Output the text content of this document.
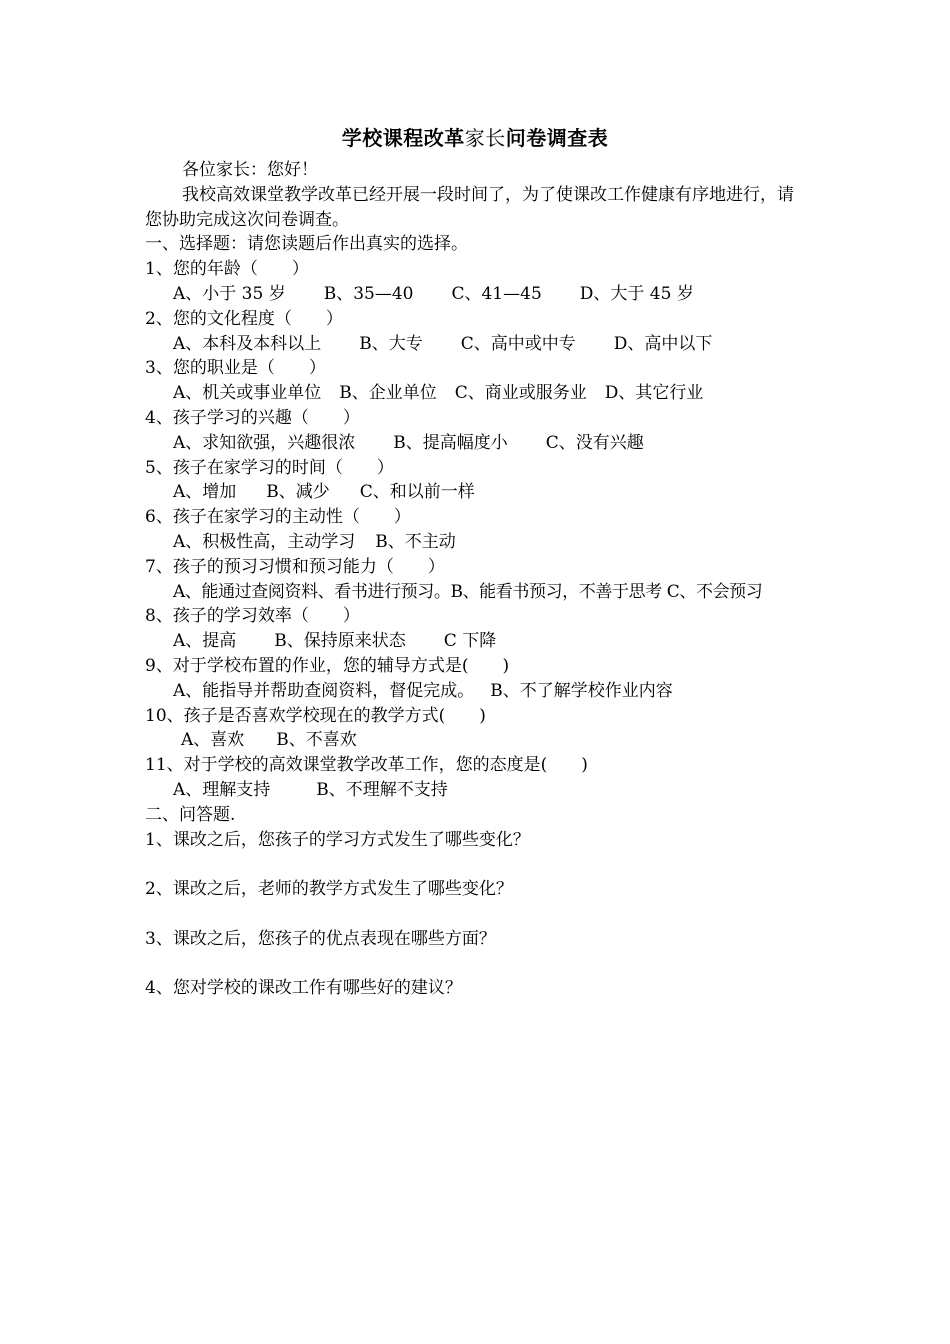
学校课程改革家长问卷调查表
各位家长：您好！
我校高效课堂教学改革已经开展一段时间了，为了使课改工作健康有序地进行，请您协助完成这次问卷调查。
一、选择题：请您读题后作出真实的选择。
1、您的年龄（　　）
A、小于 35 岁 B、35—40 C、41—45 D、大于 45 岁
2、您的文化程度（　　）
A、本科及本科以上 B、大专 C、高中或中专 D、高中以下
3、您的职业是（　　）
A、机关或事业单位 B、企业单位 C、商业或服务业 D、其它行业
4、孩子学习的兴趣（　　）
A、求知欲强，兴趣很浓 B、提高幅度小 C、没有兴趣
5、孩子在家学习的时间（　　）
A、增加 B、减少 C、和以前一样
6、孩子在家学习的主动性（　　）
A、积极性高，主动学习 B、不主动
7、孩子的预习习惯和预习能力（　　）
A、能通过查阅资料、看书进行预习。B、能看书预习，不善于思考 C、不会预习
8、孩子的学习效率（　　）
A、提高 B、保持原来状态 C 下降
9、对于学校布置的作业，您的辅导方式是(　　)
A、能指导并帮助查阅资料，督促完成。 B、不了解学校作业内容
10、孩子是否喜欢学校现在的教学方式(　　)
A、喜欢 B、不喜欢
11、对于学校的高效课堂教学改革工作，您的态度是(　　)
A、理解支持	B、不理解不支持
二、问答题.
1、课改之后，您孩子的学习方式发生了哪些变化？
2、课改之后，老师的教学方式发生了哪些变化？
3、课改之后，您孩子的优点表现在哪些方面？
4、您对学校的课改工作有哪些好的建议？
